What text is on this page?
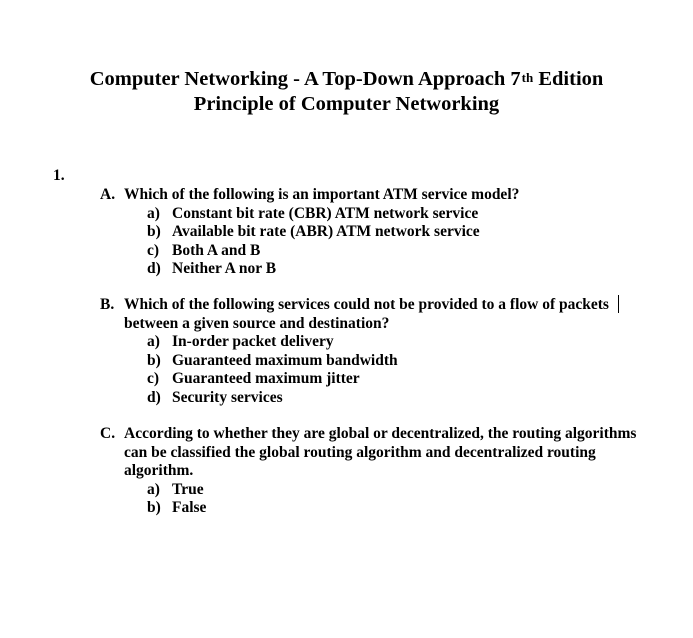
Computer Networking - A Top-Down Approach 7th Edition
Principle of Computer Networking
1.
A. Which of the following is an important ATM service model?
a) Constant bit rate (CBR) ATM network service
b) Available bit rate (ABR) ATM network service
c) Both A and B
d) Neither A nor B
B. Which of the following services could not be provided to a flow of packets between a given source and destination?
a) In-order packet delivery
b) Guaranteed maximum bandwidth
c) Guaranteed maximum jitter
d) Security services
C. According to whether they are global or decentralized, the routing algorithms can be classified the global routing algorithm and decentralized routing algorithm.
a) True
b) False
